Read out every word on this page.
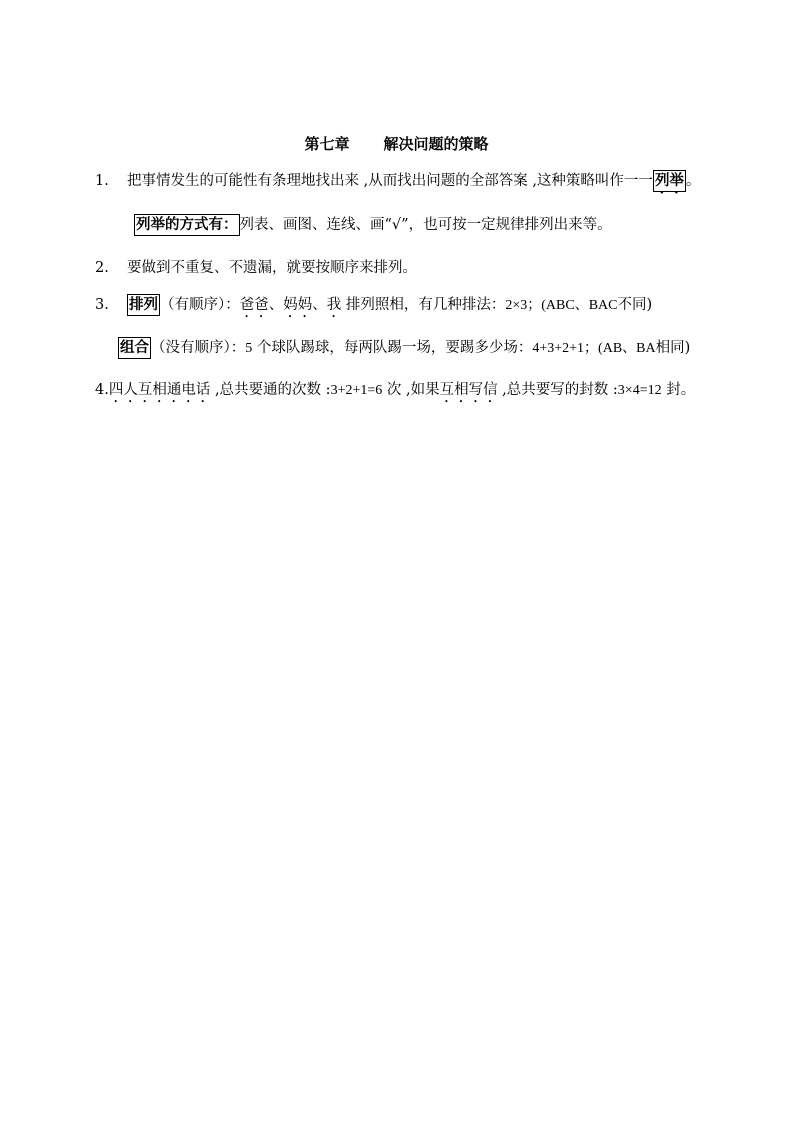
第七章 解决问题的策略
1. 把事情发生的可能性有条理地找出来 ,从而找出问题的全部答案 ,这种策略叫作一一 列举 。
列举的方式有： 列表、画图、连线、画“√”，也可按一定规律排列出来等。
2. 要做到不重复、不遗漏，就要按顺序来排列。
3. 排列 （有顺序）：爸爸、妈妈、我 排列照相，有几种排法：2×3；(ABC、BAC不同)
组合 （没有顺序）：5 个球队踢球，每两队踢一场，要踢多少场：4+3+2+1；(AB、BA相同)
4.四人互相通电话 ,总共要通的次数 :3+2+1=6 次 ,如果互相写信 ,总共要写的封数 :3×4=12 封。
